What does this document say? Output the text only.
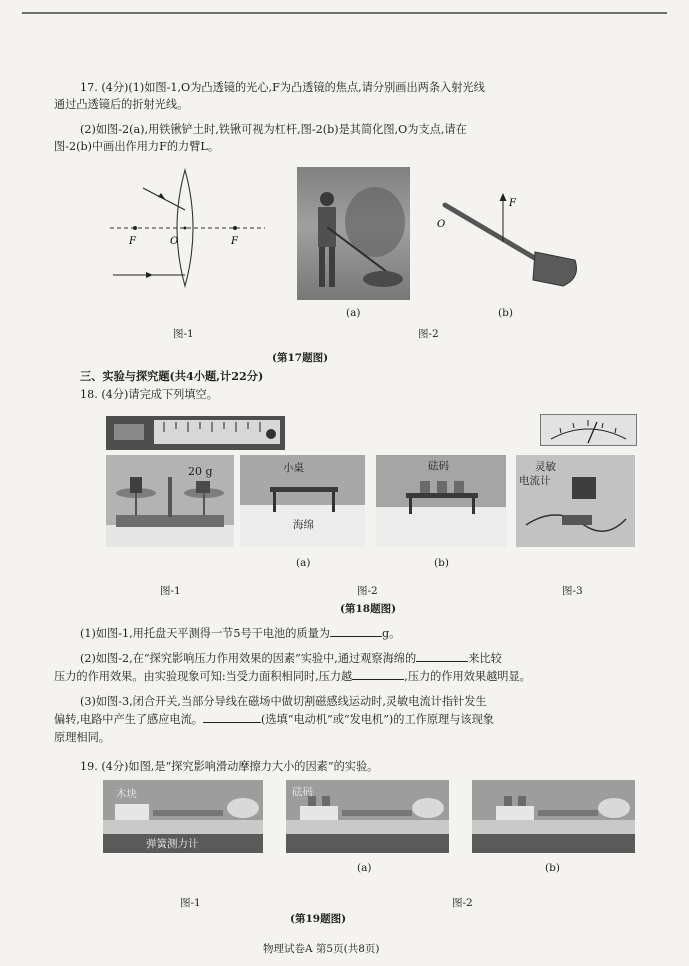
17. (4分)(1)如图-1,O为凸透镜的光心,F为凸透镜的焦点,请分别画出两条入射光线
通过凸透镜后的折射光线。
(2)如图-2(a),用铁锹铲土时,铁锹可视为杠杆,图-2(b)是其简化图,O为支点,请在
图-2(b)中画出作用力F的力臂L。
F	O	F
图-1
(a)
F
O
(b)
图-2
(第17题图)
三、实验与探究题(共4小题,计22分)
18. (4分)请完成下列填空。
20 g
图-1
小桌
海绵
(a)
砝码
(b)
图-2
灵敏
电流计
图-3
(第18题图)
(1)如图-1,用托盘天平测得一节5号干电池的质量为	g。
(2)如图-2,在“探究影响压力作用效果的因素”实验中,通过观察海绵的	来比较
压力的作用效果。由实验现象可知:当受力面积相同时,压力越	,压力的作用效果越明显。
(3)如图-3,闭合开关,当部分导线在磁场中做切割磁感线运动时,灵敏电流计指针发生
偏转,电路中产生了感应电流。	(选填“电动机”或“发电机”)的工作原理与该现象
原理相同。
19. (4分)如图,是“探究影响滑动摩擦力大小的因素”的实验。
木块
弹簧测力计
图-1
砝码
(a)	(b)
图-2
(第19题图)
物理试卷A 第5页(共8页)
